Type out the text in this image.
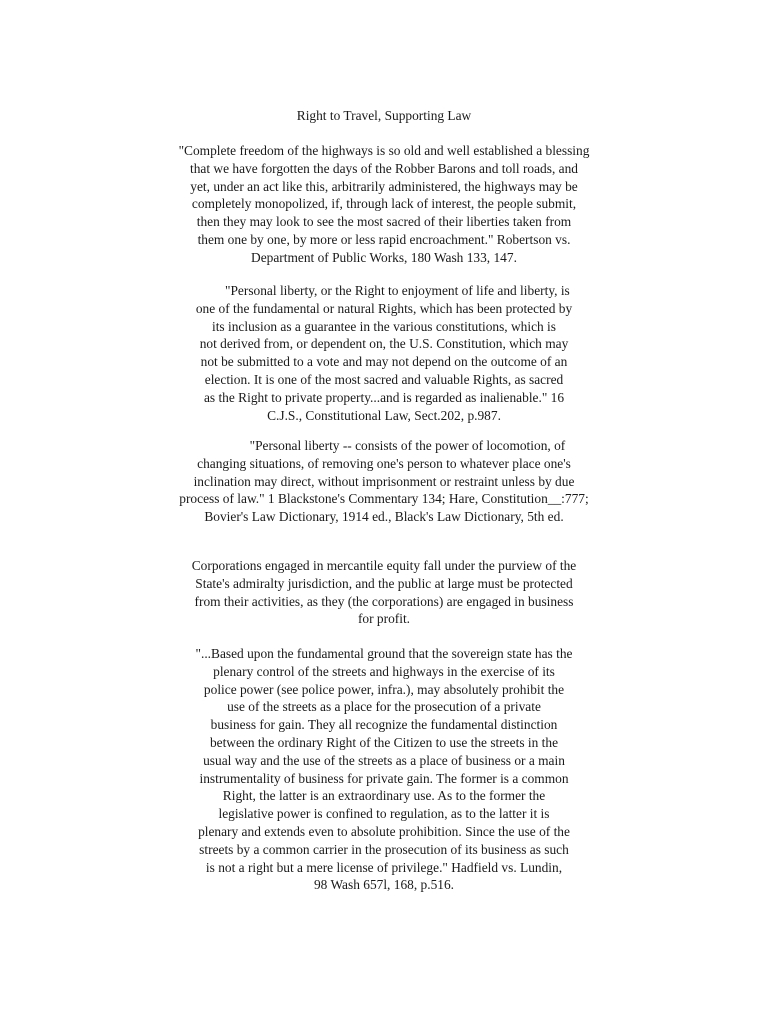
Right to Travel, Supporting Law
"Complete freedom of the highways is so old and well established a blessing
that we have forgotten the days of the Robber Barons and toll roads, and
yet, under an act like this, arbitrarily administered, the highways may be
completely monopolized, if, through lack of interest, the people submit,
then they may look to see the most sacred of their liberties taken from
them one by one, by more or less rapid encroachment." Robertson vs.
Department of Public Works, 180 Wash 133, 147.
"Personal liberty, or the Right to enjoyment of life and liberty, is
one of the fundamental or natural Rights, which has been protected by
its inclusion as a guarantee in the various constitutions, which is
not derived from, or dependent on, the U.S. Constitution, which may
not be submitted to a vote and may not depend on the outcome of an
election. It is one of the most sacred and valuable Rights, as sacred
as the Right to private property...and is regarded as inalienable." 16
C.J.S., Constitutional Law, Sect.202, p.987.
"Personal liberty -- consists of the power of locomotion, of
changing situations, of removing one's person to whatever place one's
inclination may direct, without imprisonment or restraint unless by due
process of law." 1 Blackstone's Commentary 134; Hare, Constitution__:777;
Bovier's Law Dictionary, 1914 ed., Black's Law Dictionary, 5th ed.
Corporations engaged in mercantile equity fall under the purview of the
State's admiralty jurisdiction, and the public at large must be protected
from their activities, as they (the corporations) are engaged in business
for profit.
"...Based upon the fundamental ground that the sovereign state has the
plenary control of the streets and highways in the exercise of its
police power (see police power, infra.), may absolutely prohibit the
use of the streets as a place for the prosecution of a private
business for gain. They all recognize the fundamental distinction
between the ordinary Right of the Citizen to use the streets in the
usual way and the use of the streets as a place of business or a main
instrumentality of business for private gain. The former is a common
Right, the latter is an extraordinary use. As to the former the
legislative power is confined to regulation, as to the latter it is
plenary and extends even to absolute prohibition. Since the use of the
streets by a common carrier in the prosecution of its business as such
is not a right but a mere license of privilege." Hadfield vs. Lundin,
98 Wash 657l, 168, p.516.
